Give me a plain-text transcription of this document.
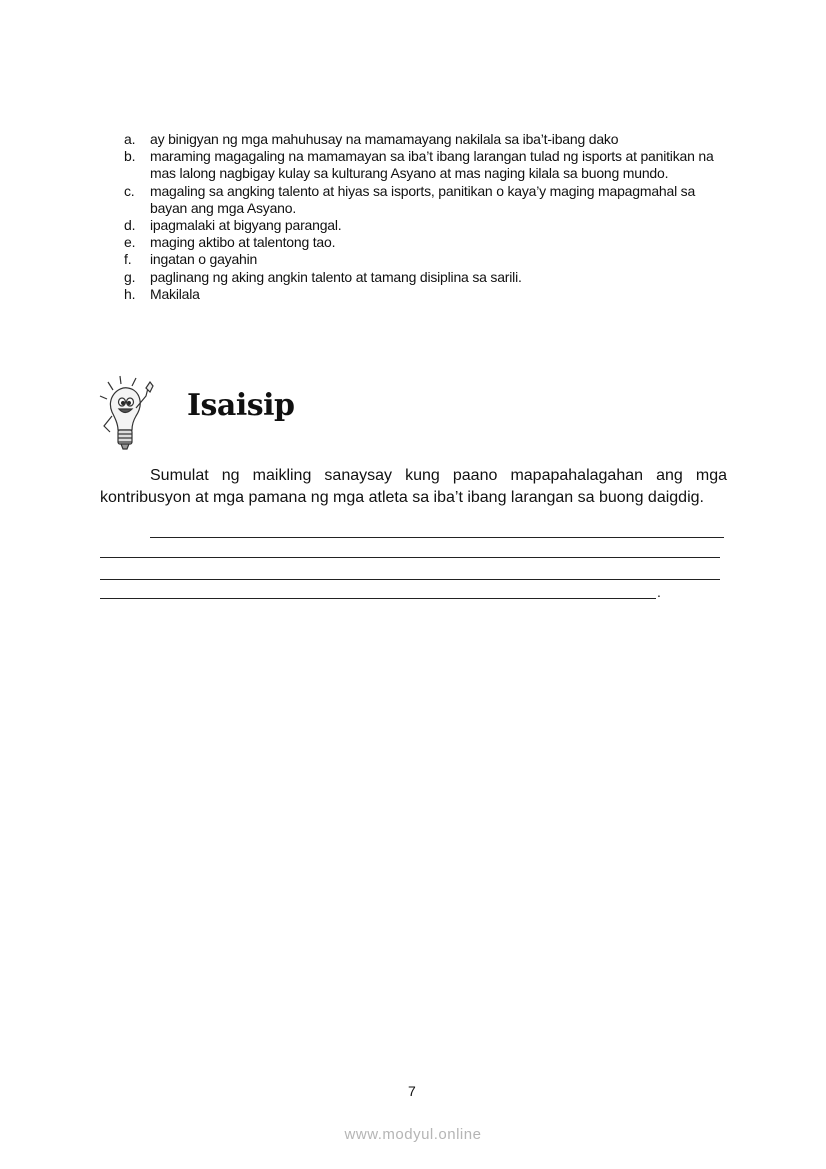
a.	ay binigyan ng mga mahuhusay na mamamayang nakilala sa iba’t-ibang dako
b.	maraming magagaling na mamamayan sa iba’t ibang larangan tulad ng isports at panitikan na mas lalong nagbigay kulay sa kulturang Asyano at mas naging kilala sa buong mundo.
c.	magaling sa angking talento at hiyas sa isports, panitikan o kaya’y maging mapagmahal sa bayan ang mga Asyano.
d.	ipagmalaki at bigyang parangal.
e.	maging aktibo at talentong tao.
f.	ingatan o gayahin
g.	paglinang ng aking angkin talento at tamang disiplina sa sarili.
h.	Makilala
Isaisip

Sumulat ng maikling sanaysay kung paano mapapahalagahan ang mga kontribusyon at mga pamana ng mga atleta sa iba’t ibang larangan sa buong daigdig.

.
7
www.modyul.online
